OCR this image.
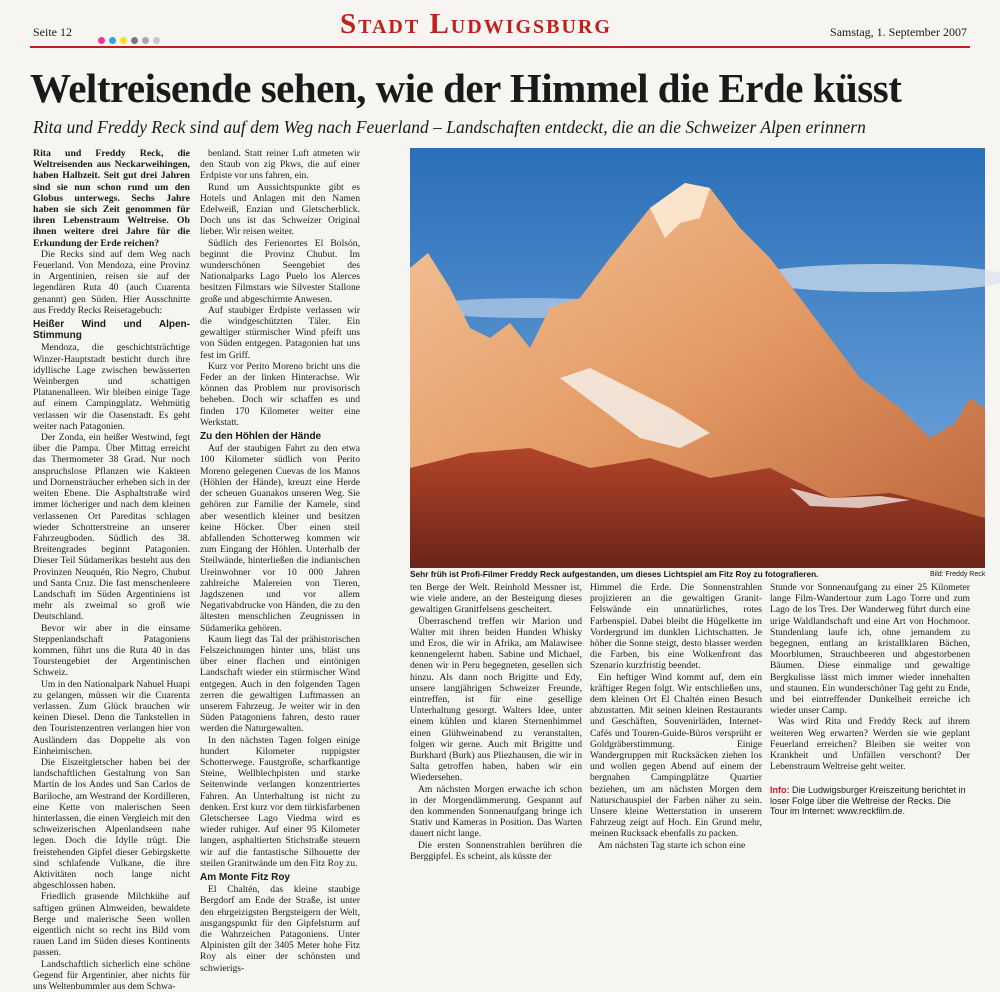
Seite 12	Stadt Ludwigsburg	Samstag, 1. September 2007
Weltreisende sehen, wie der Himmel die Erde küsst
Rita und Freddy Reck sind auf dem Weg nach Feuerland – Landschaften entdeckt, die an die Schweizer Alpen erinnern

Rita und Freddy Reck, die Weltreisenden aus Neckarweihingen, haben Halbzeit. Seit gut drei Jahren sind sie nun schon rund um den Globus unterwegs. Sechs Jahre haben sie sich Zeit genommen für ihren Lebenstraum Weltreise. Ob ihnen weitere drei Jahre für die Erkundung der Erde reichen?

Die Recks sind auf dem Weg nach Feuerland. Von Mendoza, eine Provinz in Argentinien, reisen sie auf der legendären Ruta 40 (auch Cuarenta genannt) gen Süden. Hier Ausschnitte aus Freddy Recks Reisetagebuch:

Heißer Wind und Alpen-Stimmung

Mendoza, die geschichtsträchtige Winzer-Hauptstadt besticht durch ihre idyllische Lage zwischen bewässerten Weinbergen und schattigen Platanenalleen. Wir bleiben einige Tage auf einem Campingplatz. Wehmütig verlassen wir die Oasenstadt. Es geht weiter nach Patagonien.

Der Zonda, ein heißer Westwind, fegt über die Pampa. Über Mittag erreicht das Thermometer 38 Grad. Nur noch anspruchslose Pflanzen wie Kakteen und Dornensträucher erheben sich in der weiten Ebene. Die Asphaltstraße wird immer löcheriger und nach dem kleinen verlassenen Ort Pareditas schlagen wieder Schotterstreine an unserer Fahrzeugboden. Südlich des 38. Breitengrades beginnt Patagonien. Dieser Teil Südamerikas besteht aus den Provinzen Neuquén, Río Negro, Chubut und Santa Cruz. Die fast menschenleere Landschaft im Süden Argentiniens ist mehr als zweimal so groß wie Deutschland.

Bevor wir aber in die einsame Steppenlandschaft Patagoniens kommen, führt uns die Ruta 40 in das Tourstengebiet der Argentinischen Schweiz.

Um in den Nationalpark Nahuel Huapi zu gelangen, müssen wir die Cuarenta verlassen. Zum Glück brauchen wir keinen Diesel. Denn die Tankstellen in den Touristenzentren verlangen hier von Ausländern das Doppelte als von Einheimischen.

Die Eiszeitgletscher haben bei der landschaftlichen Gestaltung von San Martín de los Andes und San Carlos de Bariloche, am Westrand der Kordilleren, eine Kette von malerischen Seen hinterlassen, die einen Vergleich mit den schweizerischen Alpenlandseen nahe legen. Doch die Idylle trügt. Die freistehenden Gipfel dieser Gebirgskette sind schlafende Vulkane, die ihre Aktivitäten noch lange nicht abgeschlossen haben.

Friedlich grasende Milchkühe auf saftigen grünen Almweiden, bewaldete Berge und malerische Seen wollen eigentlich nicht so recht ins Bild vom rauen Land im Süden dieses Kontinents passen.

Landschaftlich sicherlich eine schöne Gegend für Argentinier, aber nichts für uns Weltenbummler aus dem Schwa-

benland. Statt reiner Luft atmeten wir den Staub von zig Pkws, die auf einer Erdpiste vor uns fahren, ein.

Rund um Aussichtspunkte gibt es Hotels und Anlagen mit den Namen Edelweiß, Enzian und Gletscherblick. Doch uns ist das Schweizer Original lieber. Wir reisen weiter.

Südlich des Ferienortes El Bolsón, beginnt die Provinz Chubut. Im wunderschönen Seengebiet des Nationalparks Lago Puelo los Alerces besitzen Filmstars wie Silvester Stallone große und abgeschirmte Anwesen.

Auf staubiger Erdpiste verlassen wir die windgeschützten Täler. Ein gewaltiger stürmischer Wind pfeift uns von Süden entgegen. Patagonien hat uns fest im Griff.

Kurz vor Perito Moreno bricht uns die Feder an der linken Hinterachse. Wir können das Problem nur provisorisch beheben. Doch wir schaffen es und finden 170 Kilometer weiter eine Werkstatt.

Zu den Höhlen der Hände

Auf der staubigen Fahrt zu den etwa 100 Kilometer südlich von Perito Moreno gelegenen Cuevas de los Manos (Höhlen der Hände), kreuzt eine Herde der scheuen Guanakos unseren Weg. Sie gehören zur Familie der Kamele, sind aber wesentlich kleiner und besitzen keine Höcker. Über einen steil abfallenden Schotterweg kommen wir zum Eingang der Höhlen. Unterhalb der Steilwände, hinterließen die indianischen Ureinwohner vor 10 000 Jahren zahlreiche Malereien von Tieren, Jagdszenen und vor allem Negativabdrucke von Händen, die zu den ältesten menschlichen Zeugnissen in Südamerika gehören.

Kaum liegt das Tal der prähistorischen Felszeichnungen hinter uns, bläst uns über einer flachen und eintönigen Landschaft wieder ein stürmischer Wind entgegen. Auch in den folgenden Tagen zerren die gewaltigen Luftmassen an unserem Fahrzeug. Je weiter wir in den Süden Patagoniens fahren, desto rauer werden die Naturgewalten.

In den nächsten Tagen folgen einige hundert Kilometer ruppigster Schotterwege. Faustgroße, scharfkantige Steine, Wellblechpisten und starke Seitenwinde verlangen konzentriertes Fahren. An Unterhaltung ist nicht zu denken. Erst kurz vor dem türkisfarbenen Gletschersee Lago Viedma wird es wieder ruhiger. Auf einer 95 Kilometer langen, asphaltierten Stichstraße steuern wir auf die fantastische Silhouette der steilen Granitwände um den Fitz Roy zu.

Am Monte Fitz Roy

El Chaltén, das kleine staubige Bergdorf am Ende der Straße, ist unter den ehrgeizigsten Bergsteigern der Welt, ausgangspunkt für den Gipfelsturm auf die Wahrzeichen Patagoniens. Unter Alpinisten gilt der 3405 Meter hohe Fitz Roy als einer der schönsten und schwierigs-

Sehr früh ist Profi-Filmer Freddy Reck aufgestanden, um dieses Lichtspiel am Fitz Roy zu fotografieren.	Bild: Freddy Reck

ten Berge der Welt. Reinhold Messner ist, wie viele andere, an der Besteigung dieses gewaltigen Granitfelsens gescheitert.

Überraschend treffen wir Marion und Walter mit ihren beiden Hunden Whisky und Eros, die wir in Afrika, am Malawisee kennengelernt haben. Sabine und Michael, denen wir in Peru begegneten, gesellen sich hinzu. Als dann noch Brigitte und Edy, unsere langjährigen Schweizer Freunde, eintreffen, ist für eine gesellige Unterhaltung gesorgt. Walters Idee, unter einem kühlen und klaren Sternenhimmel einen Glühweinabend zu veranstalten, folgen wir gerne. Auch mit Brigitte und Burkhard (Burk) aus Pliezhausen, die wir in Salta getroffen haben, haben wir ein Wiedersehen.

Am nächsten Morgen erwache ich schon in der Morgendämmerung. Gespannt auf den kommenden Sonnenaufgang bringe ich Stativ und Kameras in Position. Das Warten dauert nicht lange.

Die ersten Sonnenstrahlen berühren die Berggipfel. Es scheint, als küsste der

Himmel die Erde. Die Sonnenstrahlen projizieren an die gewaltigen Granit-Felswände ein unnatürliches, rotes Farbenspiel. Dabei bleibt die Hügelkette im Vordergrund im dunklen Lichtschatten. Je höher die Sonne steigt, desto blasser werden die Farben, bis eine Wolkenfront das Szenario kurzfristig beendet.

Ein heftiger Wind kommt auf, dem ein kräftiger Regen folgt. Wir entschließen uns, dem kleinen Ort El Chaltén einen Besuch abzustatten. Mit seinen kleinen Restaurants und Geschäften, Souvenirläden, Internet-Cafés und Touren-Guide-Büros versprüht er Goldgräberstimmung. Einige Wandergruppen mit Rucksäcken ziehen los und wollen gegen Abend auf einem der bergnahen Campingplätze Quartier beziehen, um am nächsten Morgen dem Naturschauspiel der Farben näher zu sein. Unsere kleine Wetterstation in unserem Fahrzeug zeigt auf Hoch. Ein Grund mehr, meinen Rucksack ebenfalls zu packen.

Am nächsten Tag starte ich schon eine

Stunde vor Sonnenaufgang zu einer 25 Kilometer lange Film-Wandertour zum Lago Torre und zum Lago de los Tres. Der Wanderweg führt durch eine urige Waldlandschaft und eine Art von Hochmoor. Stundenlang laufe ich, ohne jemandem zu begegnen, entlang an kristallklaren Bächen, Moorblumen, Strauchbeeren und abgestorbenen Bäumen. Diese einmalige und gewaltige Bergkulisse lässt mich immer wieder innehalten und staunen. Ein wunderschöner Tag geht zu Ende, und bei eintreffender Dunkelheit erreiche ich wieder unser Camp.

Was wird Rita und Freddy Reck auf ihrem weiteren Weg erwarten? Werden sie wie geplant Feuerland erreichen? Bleiben sie weiter von Krankheit und Unfällen verschont? Der Lebenstraum Weltreise geht weiter.

Info: Die Ludwigsburger Kreiszeitung berichtet in loser Folge über die Weltreise der Recks. Die Tour im Internet: www.reckfilm.de.
